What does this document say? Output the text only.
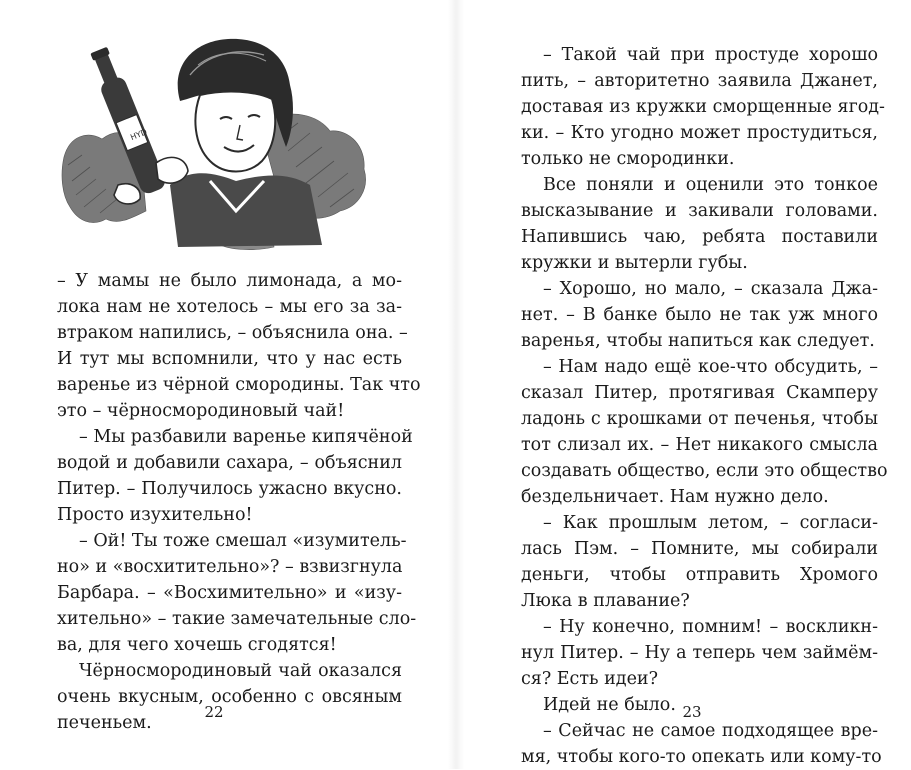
HYD
– У мамы не было лимонада, а мо-
лока нам не хотелось – мы его за за-
втраком напились, – объяснила она. –
И тут мы вспомнили, что у нас есть
варенье из чёрной смородины. Так что
это – чёрносмородиновый чай!
– Мы разбавили варенье кипячёной
водой и добавили сахара, – объяснил
Питер. – Получилось ужасно вкусно.
Просто изухительно!
– Ой! Ты тоже смешал «изумитель-
но» и «восхитительно»? – взвизгнула
Барбара. – «Восхимительно» и «изу-
хительно» – такие замечательные сло-
ва, для чего хочешь сгодятся!
Чёрносмородиновый чай оказался
очень вкусным, особенно с овсяным
печеньем.
22
– Такой чай при простуде хорошо
пить, – авторитетно заявила Джанет,
доставая из кружки сморщенные ягод-
ки. – Кто угодно может простудиться,
только не смородинки.
Все поняли и оценили это тонкое
высказывание и закивали головами.
Напившись чаю, ребята поставили
кружки и вытерли губы.
– Хорошо, но мало, – сказала Джа-
нет. – В банке было не так уж много
варенья, чтобы напиться как следует.
– Нам надо ещё кое-что обсудить, –
сказал Питер, протягивая Скамперу
ладонь с крошками от печенья, чтобы
тот слизал их. – Нет никакого смысла
создавать общество, если это общество
бездельничает. Нам нужно дело.
– Как прошлым летом, – согласи-
лась Пэм. – Помните, мы собирали
деньги, чтобы отправить Хромого
Люка в плавание?
– Ну конечно, помним! – воскликн-
нул Питер. – Ну а теперь чем займём-
ся? Есть идеи?
Идей не было.
– Сейчас не самое подходящее вре-
мя, чтобы кого-то опекать или кому-то
23
